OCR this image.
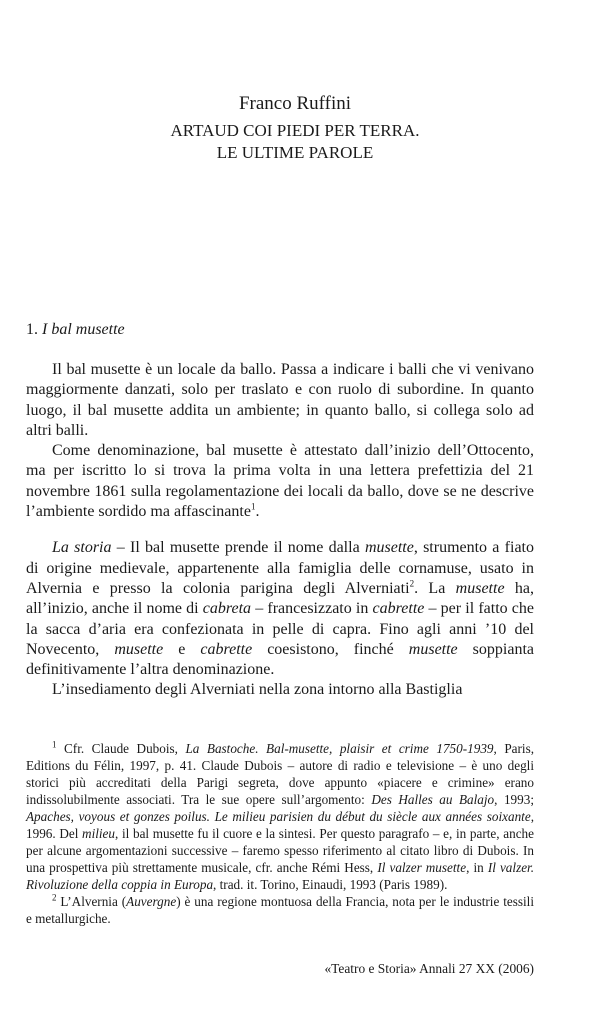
Franco Ruffini
ARTAUD COI PIEDI PER TERRA.
LE ULTIME PAROLE
1. I bal musette

Il bal musette è un locale da ballo. Passa a indicare i balli che vi venivano maggiormente danzati, solo per traslato e con ruolo di subordine. In quanto luogo, il bal musette addita un ambiente; in quanto ballo, si collega solo ad altri balli.

Come denominazione, bal musette è attestato dall’inizio dell’Ottocento, ma per iscritto lo si trova la prima volta in una lettera prefettizia del 21 novembre 1861 sulla regolamentazione dei locali da ballo, dove se ne descrive l’ambiente sordido ma affascinante$^1$.

La storia – Il bal musette prende il nome dalla musette, strumento a fiato di origine medievale, appartenente alla famiglia delle cornamuse, usato in Alvernia e presso la colonia parigina degli Alverniati$^2$. La musette ha, all’inizio, anche il nome di cabreta – francesizzato in cabrette – per il fatto che la sacca d’aria era confezionata in pelle di capra. Fino agli anni ’10 del Novecento, musette e cabrette coesistono, finché musette soppianta definitivamente l’altra denominazione.

L’insediamento degli Alverniati nella zona intorno alla Bastiglia

$^1$ Cfr. Claude Dubois, La Bastoche. Bal-musette, plaisir et crime 1750-1939, Paris, Editions du Félin, 1997, p. 41. Claude Dubois – autore di radio e televisione – è uno degli storici più accreditati della Parigi segreta, dove appunto «piacere e crimine» erano indissolubilmente associati. Tra le sue opere sull’argomento: Des Halles au Balajo, 1993; Apaches, voyous et gonzes poilus. Le milieu parisien du début du siècle aux années soixante, 1996. Del milieu, il bal musette fu il cuore e la sintesi. Per questo paragrafo – e, in parte, anche per alcune argomentazioni successive – faremo spesso riferimento al citato libro di Dubois. In una prospettiva più strettamente musicale, cfr. anche Rémi Hess, Il valzer musette, in Il valzer. Rivoluzione della coppia in Europa, trad. it. Torino, Einaudi, 1993 (Paris 1989).

$^2$ L’Alvernia (Auvergne) è una regione montuosa della Francia, nota per le industrie tessili e metallurgiche.

«Teatro e Storia» Annali 27 XX (2006)
